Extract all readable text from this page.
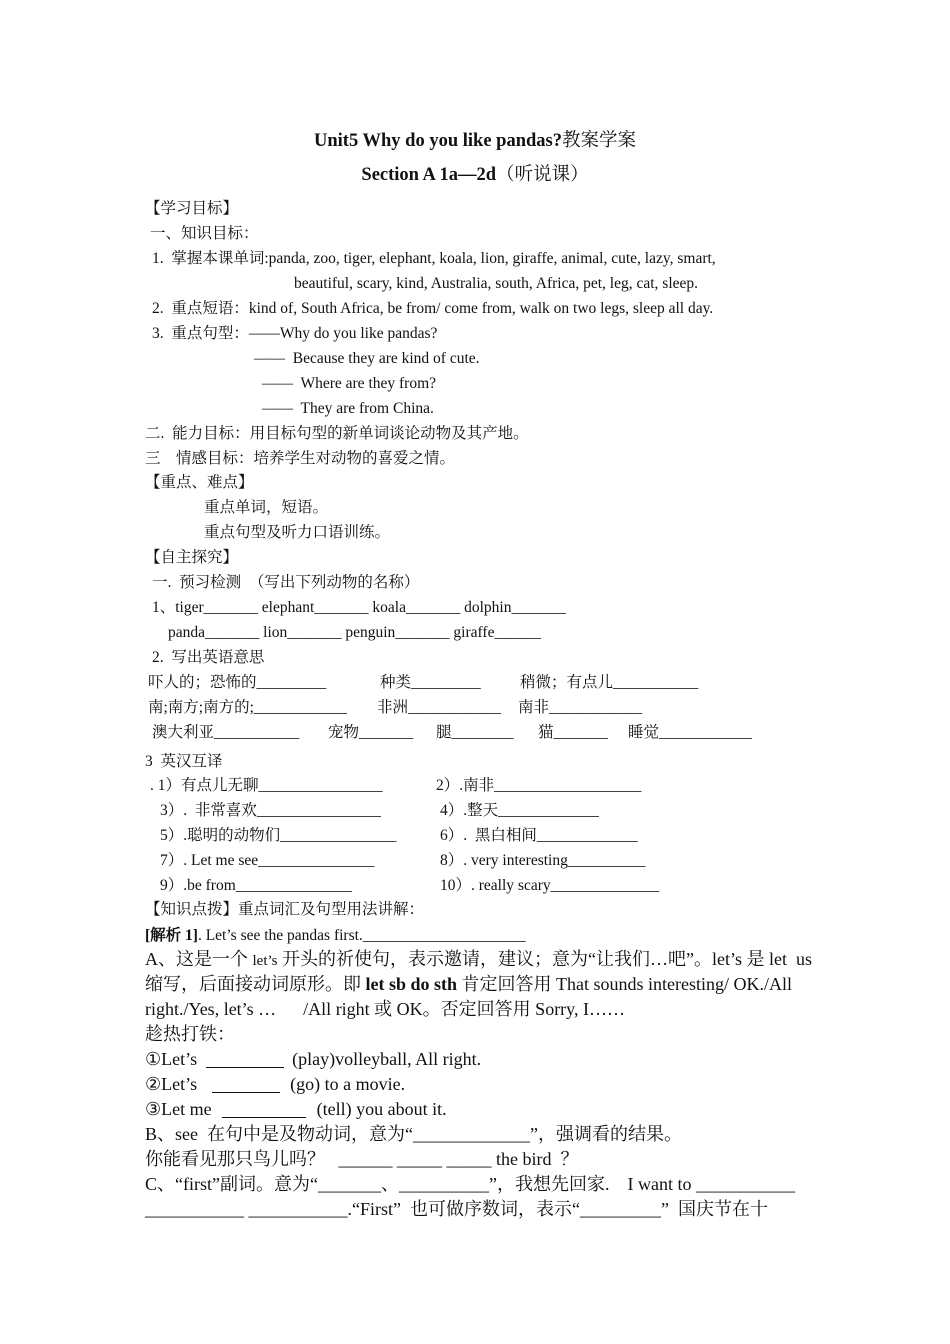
Unit5 Why do you like pandas?教案学案
Section A 1a—2d（听说课）
【学习目标】
一、知识目标：
1.  掌握本课单词:panda, zoo, tiger, elephant, koala, lion, giraffe, animal, cute, lazy, smart,
beautiful, scary, kind, Australia, south, Africa, pet, leg, cat, sleep.
2.  重点短语：kind of, South Africa, be from/ come from, walk on two legs, sleep all day.
3.  重点句型：——Why do you like pandas?
——  Because they are kind of cute.
——  Where are they from?
——  They are from China.
二.  能力目标：用目标句型的新单词谈论动物及其产地。
三    情感目标：培养学生对动物的喜爱之情。
【重点、难点】
重点单词，短语。
重点句型及听力口语训练。
【自主探究】
一.  预习检测  （写出下列动物的名称）
1、tiger_______ elephant_______ koala_______ dolphin_______
panda_______ lion_______ penguin_______ giraffe______
2.  写出英语意思
吓人的；恐怖的_________	种类_________	稍微；有点儿___________
南;南方;南方的;____________ 非洲____________ 南非____________
澳大利亚___________ 宠物_______ 腿________ 猫_______ 睡觉____________
3  英汉互译
. 1）有点儿无聊________________	2）.南非___________________
3）.  非常喜欢________________	4）.整天_____________
5）.聪明的动物们_______________	6）.  黑白相间_____________
7）. Let me see_______________	8）. very interesting__________
9）.be from_______________	10）. really scary______________
【知识点拨】重点词汇及句型用法讲解：
[解析 1]. Let’s see the pandas first._____________________
A、这是一个 let’s 开头的祈使句，表示邀请，建议；意为“让我们…吧”。let’s 是 let  us
缩写，后面接动词原形。即 let sb do sth 肯定回答用 That sounds interesting/ OK./All
right./Yes, let’s …      /All right 或 OK。否定回答用 Sorry, I……
趁热打铁：
①Let’s	(play)volleyball, All right.
②Let’s	(go) to a movie.
③Let me	(tell) you about it.
B、see  在句中是及物动词，意为“_____________”，强调看的结果。
你能看见那只鸟儿吗？   ______ _____ _____ the bird  ？
C、“first”副词。意为“_______、__________”，我想先回家.    I want to ___________
___________ ___________.“First”  也可做序数词，表示“_________”  国庆节在十
